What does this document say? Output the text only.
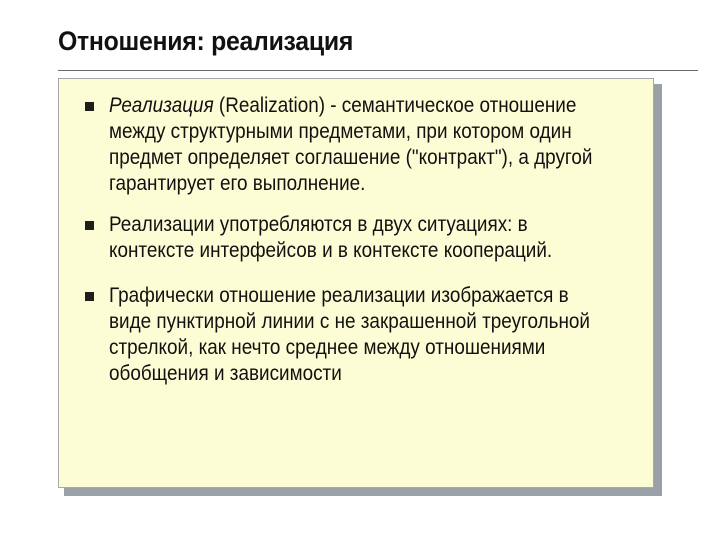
Отношения: реализация
Реализация (Realization) - семантическое отношение
между структурными предметами, при котором один
предмет определяет соглашение ("контракт"), а другой
гарантирует его выполнение.
Реализации употребляются в двух ситуациях: в
контексте интерфейсов и в контексте коопераций.
Графически отношение реализации изображается в
виде пунктирной линии с не закрашенной треугольной
стрелкой, как нечто среднее между отношениями
обобщения и зависимости
